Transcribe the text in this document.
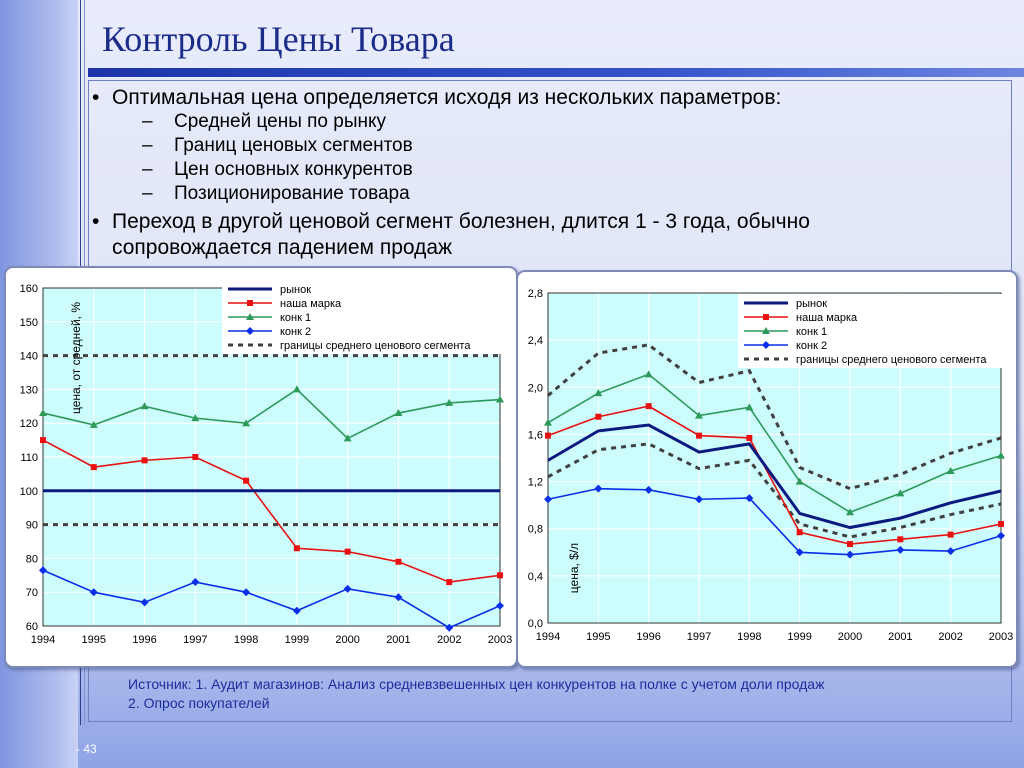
Контроль Цены Товара
• Оптимальная цена определяется исходя из нескольких параметров:
– Средней цены по рынку
– Границ ценовых сегментов
– Цен основных конкурентов
– Позиционирование товара
• Переход в другой ценовой сегмент болезнен, длится 1 - 3 года, обычно
сопровождается падением продаж
60
70
80
90
100
110
120
130
140
150
160
1994 1995 1996 1997 1998 1999 2000 2001 2002 2003
рынок
наша марка
конк 1
конк 2
границы среднего ценового сегмента
цена, от средней, %
0,0
0,4
0,8
1,2
1,6
2,0
2,4
2,8
1994 1995 1996 1997 1998 1999 2000 2001 2002 2003
рынок
наша марка
конк 1
конк 2
границы среднего ценового сегмента
цена, $/л
Источник: 1. Аудит магазинов: Анализ средневзвешенных цен конкурентов на полке с учетом доли продаж
2. Опрос покупателей
- 43
